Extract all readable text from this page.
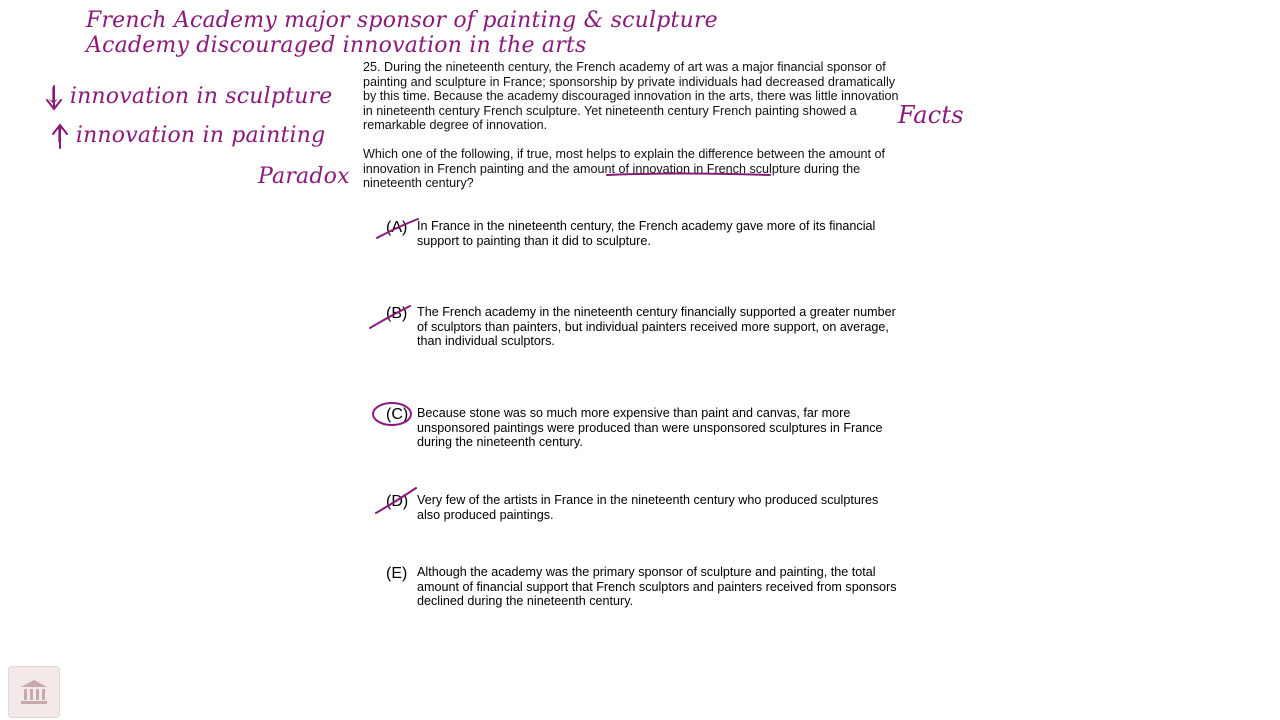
French Academy major sponsor of painting & sculpture
Academy discouraged innovation in the arts
↓ innovation in sculpture
↑ innovation in painting
Facts
Paradox

25. During the nineteenth century, the French academy of art was a major financial sponsor of painting and sculpture in France; sponsorship by private individuals had decreased dramatically by this time. Because the academy discouraged innovation in the arts, there was little innovation in nineteenth century French sculpture. Yet nineteenth century French painting showed a remarkable degree of innovation.

Which one of the following, if true, most helps to explain the difference between the amount of innovation in French painting and the amount of innovation in French sculpture during the nineteenth century?

(A) In France in the nineteenth century, the French academy gave more of its financial support to painting than it did to sculpture.
(B) The French academy in the nineteenth century financially supported a greater number of sculptors than painters, but individual painters received more support, on average, than individual sculptors.
(C) Because stone was so much more expensive than paint and canvas, far more unsponsored paintings were produced than were unsponsored sculptures in France during the nineteenth century.
(D) Very few of the artists in France in the nineteenth century who produced sculptures also produced paintings.
(E) Although the academy was the primary sponsor of sculpture and painting, the total amount of financial support that French sculptors and painters received from sponsors declined during the nineteenth century.
